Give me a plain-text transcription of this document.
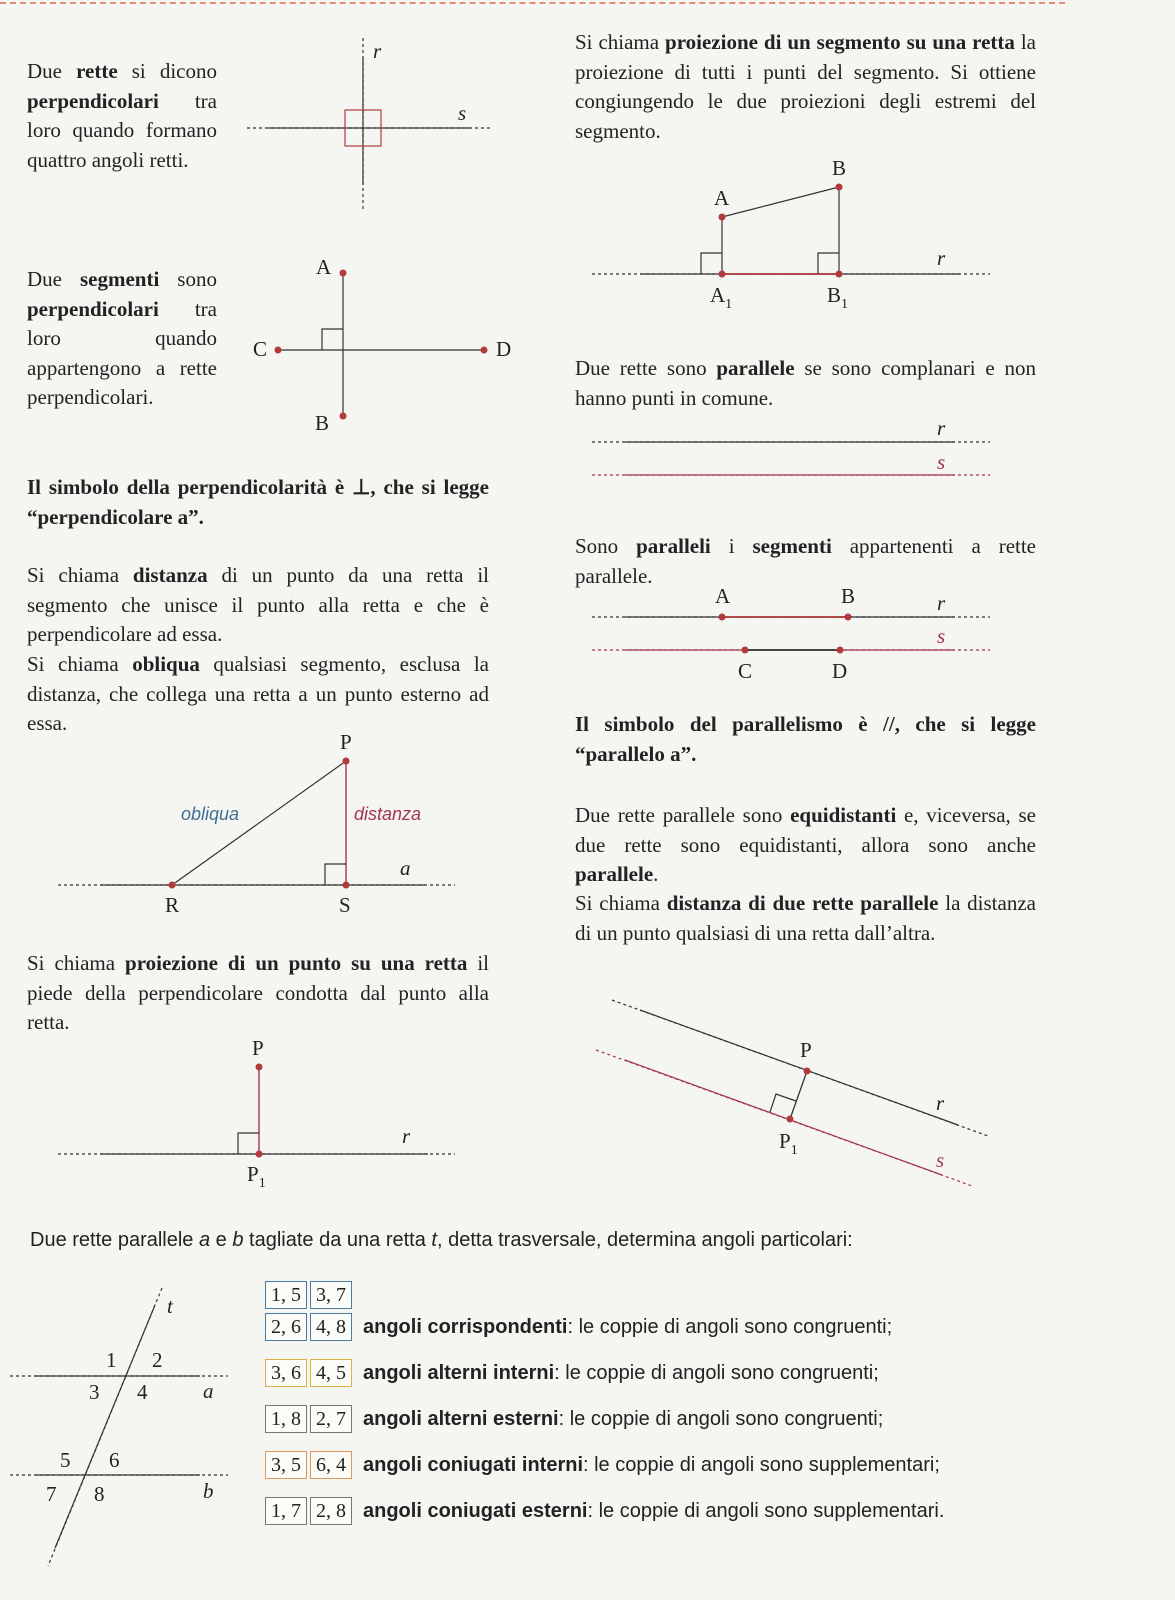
Due rette si dicono perpendicolari tra loro quando formano quattro angoli retti.

r
s
A
B
C	D
P
R	S
a
obliqua	distanza
P
$P_1$
r
A
B
$A_1$	$B_1$
r
r
s
A	B
C	D
r
s
P
$P_1$
r
s
t
a
b
1 2
3 4
5 6
7 8

Due segmenti sono perpendicolari tra loro quando appartengono a rette perpendicolari.

Il simbolo della perpendicolarità è ⊥, che si legge “perpendicolare a”.

Si chiama distanza di un punto da una retta il segmento che unisce il punto alla retta e che è perpendicolare ad essa.

Si chiama obliqua qualsiasi segmento, esclusa la distanza, che collega una retta a un punto esterno ad essa.

Si chiama proiezione di un punto su una retta il piede della perpendicolare condotta dal punto alla retta.

Si chiama proiezione di un segmento su una retta la proiezione di tutti i punti del segmento. Si ottiene congiungendo le due proiezioni degli estremi del segmento.

Due rette sono parallele se sono complanari e non hanno punti in comune.

Sono paralleli i segmenti appartenenti a rette parallele.

Il simbolo del parallelismo è //, che si legge “parallelo a”.

Due rette parallele sono equidistanti e, viceversa, se due rette sono equidistanti, allora sono anche parallele.

Si chiama distanza di due rette parallele la distanza di un punto qualsiasi di una retta dall’altra.

Due rette parallele a e b tagliate da una retta t, detta trasversale, determina angoli particolari:
1, 5 3, 7
2, 6 4, 8 angoli corrispondenti: le coppie di angoli sono congruenti;
3, 6 4, 5 angoli alterni interni: le coppie di angoli sono congruenti;
1, 8 2, 7 angoli alterni esterni: le coppie di angoli sono congruenti;
3, 5 6, 4 angoli coniugati interni: le coppie di angoli sono supplementari;
1, 7 2, 8 angoli coniugati esterni: le coppie di angoli sono supplementari.
